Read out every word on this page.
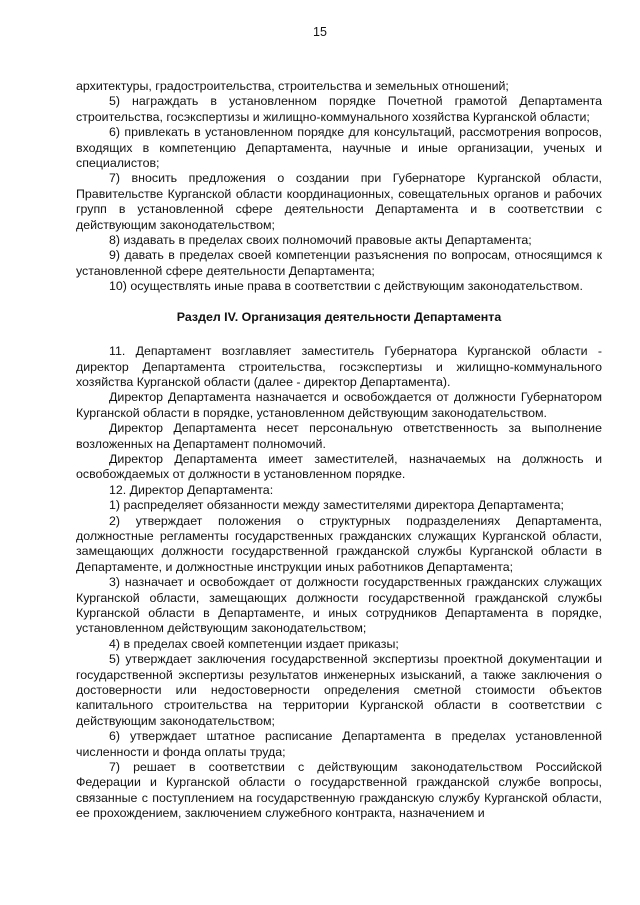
15

архитектуры, градостроительства, строительства и земельных отношений;

5) награждать в установленном порядке Почетной грамотой Департамента строительства, госэкспертизы и жилищно-коммунального хозяйства Курганской области;

6) привлекать в установленном порядке для консультаций, рассмотрения вопросов, входящих в компетенцию Департамента, научные и иные организации, ученых и специалистов;

7) вносить предложения о создании при Губернаторе Курганской области, Правительстве Курганской области координационных, совещательных органов и рабочих групп в установленной сфере деятельности Департамента и в соответствии с действующим законодательством;

8) издавать в пределах своих полномочий правовые акты Департамента;

9) давать в пределах своей компетенции разъяснения по вопросам, относящимся к установленной сфере деятельности Департамента;

10) осуществлять иные права в соответствии с действующим законодательством.

Раздел IV. Организация деятельности Департамента

11. Департамент возглавляет заместитель Губернатора Курганской области - директор Департамента строительства, госэкспертизы и жилищно-коммунального хозяйства Курганской области (далее - директор Департамента).

Директор Департамента назначается и освобождается от должности Губернатором Курганской области в порядке, установленном действующим законодательством.

Директор Департамента несет персональную ответственность за выполнение возложенных на Департамент полномочий.

Директор Департамента имеет заместителей, назначаемых на должность и освобождаемых от должности в установленном порядке.

12. Директор Департамента:

1) распределяет обязанности между заместителями директора Департамента;

2) утверждает положения о структурных подразделениях Департамента, должностные регламенты государственных гражданских служащих Курганской области, замещающих должности государственной гражданской службы Курганской области в Департаменте, и должностные инструкции иных работников Департамента;

3) назначает и освобождает от должности государственных гражданских служащих Курганской области, замещающих должности государственной гражданской службы Курганской области в Департаменте, и иных сотрудников Департамента в порядке, установленном действующим законодательством;

4) в пределах своей компетенции издает приказы;

5) утверждает заключения государственной экспертизы проектной документации и государственной экспертизы результатов инженерных изысканий, а также заключения о достоверности или недостоверности определения сметной стоимости объектов капитального строительства на территории Курганской области в соответствии с действующим законодательством;

6) утверждает штатное расписание Департамента в пределах установленной численности и фонда оплаты труда;

7) решает в соответствии с действующим законодательством Российской Федерации и Курганской области о государственной гражданской службе вопросы, связанные с поступлением на государственную гражданскую службу Курганской области, ее прохождением, заключением служебного контракта, назначением и
